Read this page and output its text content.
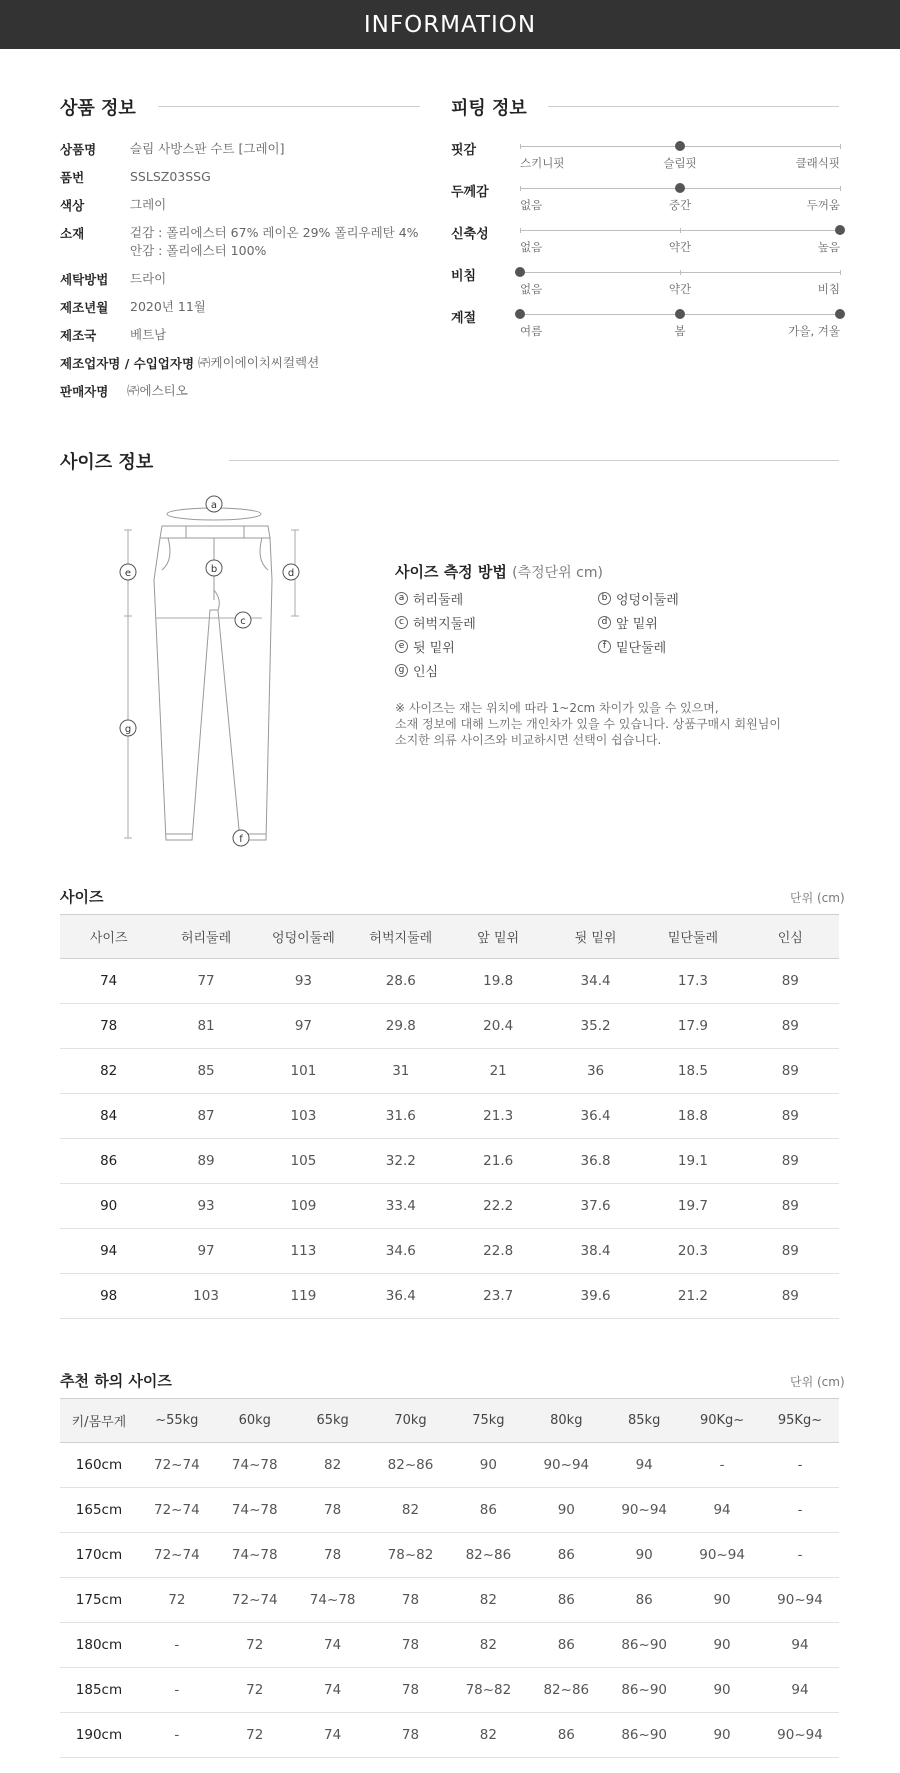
INFORMATION
상품 정보
상품명	슬림 사방스판 수트 [그레이]
품번	SSLSZ03SSG
색상	그레이
소재	겉감 : 폴리에스터 67% 레이온 29% 폴리우레탄 4%
안감 : 폴리에스터 100%
세탁방법	드라이
제조년월	2020년 11월
제조국	베트남
제조업자명 / 수입업자명 ㈜케이에이치씨컬렉션
판매자명	㈜에스티오
피팅 정보
핏감
스키니핏	슬림핏	클래식핏
두께감
없음	중간	두꺼움
신축성
없음	약간	높음
비침
없음	약간	비침
계절
여름	봄	가을, 겨울
사이즈 정보
a
b
c
d
e
f
g
사이즈 측정 방법 (측정단위 cm)
a 허리둘레	b 엉덩이둘레
c 허벅지둘레	d 앞 밑위
e 뒷 밑위	f 밑단둘레
g 인심
※ 사이즈는 재는 위치에 따라 1~2cm 차이가 있을 수 있으며,
소재 정보에 대해 느끼는 개인차가 있을 수 있습니다. 상품구매시 회원님이
소지한 의류 사이즈와 비교하시면 선택이 쉽습니다.
사이즈	단위 (cm)
사이즈	허리둘레	엉덩이둘레	허벅지둘레	앞 밑위	뒷 밑위	밑단둘레	인심
74	77	93	28.6	19.8	34.4	17.3	89
78	81	97	29.8	20.4	35.2	17.9	89
82	85	101	31	21	36	18.5	89
84	87	103	31.6	21.3	36.4	18.8	89
86	89	105	32.2	21.6	36.8	19.1	89
90	93	109	33.4	22.2	37.6	19.7	89
94	97	113	34.6	22.8	38.4	20.3	89
98	103	119	36.4	23.7	39.6	21.2	89
추천 하의 사이즈	단위 (cm)
키/몸무게	~55kg	60kg	65kg	70kg	75kg	80kg	85kg	90Kg~	95Kg~
160cm	72~74	74~78	82	82~86	90	90~94	94	-	-
165cm	72~74	74~78	78	82	86	90	90~94	94	-
170cm	72~74	74~78	78	78~82	82~86	86	90	90~94	-
175cm	72	72~74	74~78	78	82	86	86	90	90~94
180cm	-	72	74	78	82	86	86~90	90	94
185cm	-	72	74	78	78~82	82~86	86~90	90	94
190cm	-	72	74	78	82	86	86~90	90	90~94
